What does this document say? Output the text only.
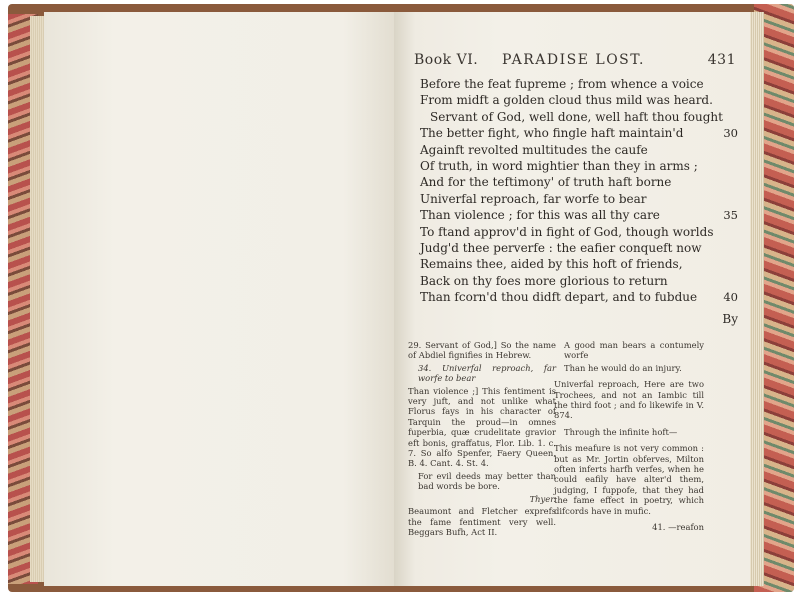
Book VI. PARADISE LOST.	431
Before the feat fupreme ; from whence a voice
From midft a golden cloud thus mild was heard.
Servant of God, well done, well haft thou fought
The better fight, who fingle haft maintain'd	30
Againft revolted multitudes the caufe
Of truth, in word mightier than they in arms ;
And for the teftimony' of truth haft borne
Univerfal reproach, far worfe to bear
Than violence ; for this was all thy care	35
To ftand approv'd in fight of God, though worlds
Judg'd thee perverfe : the eafier conqueft now
Remains thee, aided by this hoft of friends,
Back on thy foes more glorious to return
Than fcorn'd thou didft depart, and to fubdue 40
By

29. Servant of God,] So the name of Abdiel fignifies in Hebrew.

34. Univerfal reproach, far worfe to bear

Than violence ;] This fentiment is very juft, and not unlike what Florus fays in his character of Tarquin the proud—in omnes fuperbia, quæ crudelitate gravior eft bonis, graffatus, Flor. Lib. 1. c. 7. So alfo Spenfer, Faery Queen, B. 4. Cant. 4. St. 4.

For evil deeds may better than bad words be bore.

Thyer.

Beaumont and Fletcher exprefs the fame fentiment very well. Beggars Bufh, Act II.

A good man bears a contumely worfe

Than he would do an injury.

Univerfal reproach, Here are two Trochees, and not an Iambic till the third foot ; and fo likewife in V. 874.

Through the infinite hoft—

This meafure is not very common : but as Mr. Jortin obferves, Milton often inferts harfh verfes, when he could eafily have alter'd them, judging, I fuppofe, that they had the fame effect in poetry, which difcords have in mufic.

41. —reafon
